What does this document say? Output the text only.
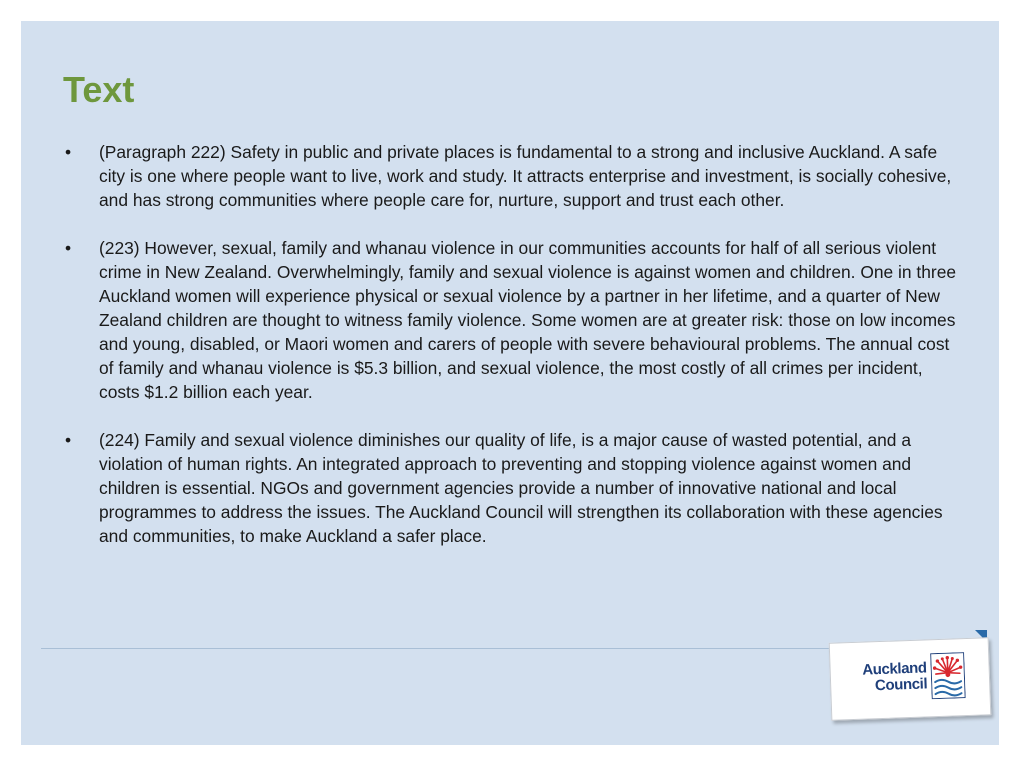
Text
• (Paragraph 222) Safety in public and private places is fundamental to a strong and inclusive Auckland. A safe city is one where people want to live, work and study. It attracts enterprise and investment, is socially cohesive, and has strong communities where people care for, nurture, support and trust each other.
• (223) However, sexual, family and whanau violence in our communities accounts for half of all serious violent crime in New Zealand. Overwhelmingly, family and sexual violence is against women and children. One in three Auckland women will experience physical or sexual violence by a partner in her lifetime, and a quarter of New Zealand children are thought to witness family violence. Some women are at greater risk: those on low incomes and young, disabled, or Maori women and carers of people with severe behavioural problems. The annual cost of family and whanau violence is $5.3 billion, and sexual violence, the most costly of all crimes per incident, costs $1.2 billion each year.
• (224) Family and sexual violence diminishes our quality of life, is a major cause of wasted potential, and a violation of human rights. An integrated approach to preventing and stopping violence against women and children is essential. NGOs and government agencies provide a number of innovative national and local programmes to address the issues. The Auckland Council will strengthen its collaboration with these agencies and communities, to make Auckland a safer place.
Auckland
Council
